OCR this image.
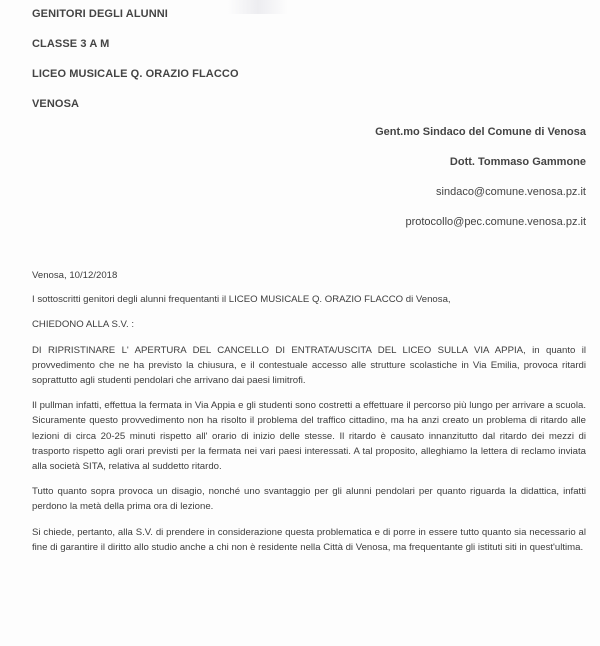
GENITORI DEGLI ALUNNI
CLASSE 3 A M
LICEO MUSICALE Q. ORAZIO FLACCO
VENOSA
Gent.mo Sindaco del Comune di Venosa
Dott. Tommaso Gammone
sindaco@comune.venosa.pz.it
protocollo@pec.comune.venosa.pz.it

Venosa, 10/12/2018

I sottoscritti genitori degli alunni frequentanti il LICEO MUSICALE Q. ORAZIO FLACCO di Venosa,

CHIEDONO ALLA S.V. :

DI RIPRISTINARE L' APERTURA DEL CANCELLO DI ENTRATA/USCITA DEL LICEO SULLA VIA APPIA, in quanto il provvedimento che ne ha previsto la chiusura, e il contestuale accesso alle strutture scolastiche in Via Emilia, provoca ritardi soprattutto agli studenti pendolari che arrivano dai paesi limitrofi.

Il pullman infatti, effettua la fermata in Via Appia e gli studenti sono costretti a effettuare il percorso più lungo per arrivare a scuola. Sicuramente questo provvedimento non ha risolto il problema del traffico cittadino, ma ha anzi creato un problema di ritardo alle lezioni di circa 20-25 minuti rispetto all' orario di inizio delle stesse. Il ritardo è causato innanzitutto dal ritardo dei mezzi di trasporto rispetto agli orari previsti per la fermata nei vari paesi interessati. A tal proposito, alleghiamo la lettera di reclamo inviata alla società SITA, relativa al suddetto ritardo.

Tutto quanto sopra provoca un disagio, nonché uno svantaggio per gli alunni pendolari per quanto riguarda la didattica, infatti perdono la metà della prima ora di lezione.

Si chiede, pertanto, alla S.V. di prendere in considerazione questa problematica e di porre in essere tutto quanto sia necessario al fine di garantire il diritto allo studio anche a chi non è residente nella Città di Venosa, ma frequentante gli istituti siti in quest'ultima.
